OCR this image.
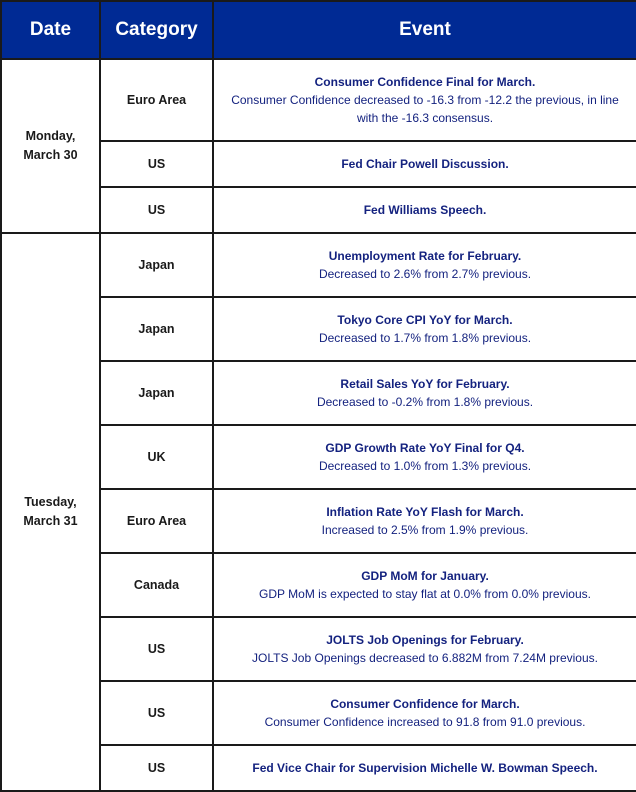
Date	Category	Event
Monday,
March 30	Euro Area	Consumer Confidence Final for March.
Consumer Confidence decreased to -16.3 from -12.2 the previous, in line with the -16.3 consensus.

	US	Fed Chair Powell Discussion.

	US	Fed Williams Speech.

Tuesday,
March 31	Japan	Unemployment Rate for February.
Decreased to 2.6% from 2.7% previous.

	Japan	Tokyo Core CPI YoY for March.
Decreased to 1.7% from 1.8% previous.

	Japan	Retail Sales YoY for February.
Decreased to -0.2% from 1.8% previous.

	UK	GDP Growth Rate YoY Final for Q4.
Decreased to 1.0% from 1.3% previous.

	Euro Area	Inflation Rate YoY Flash for March.
Increased to 2.5% from 1.9% previous.

	Canada	GDP MoM for January.
GDP MoM is expected to stay flat at 0.0% from 0.0% previous.

	US	JOLTS Job Openings for February.
JOLTS Job Openings decreased to 6.882M from 7.24M previous.

	US	Consumer Confidence for March.
Consumer Confidence increased to 91.8 from 91.0 previous.

	US	Fed Vice Chair for Supervision Michelle W. Bowman Speech.
